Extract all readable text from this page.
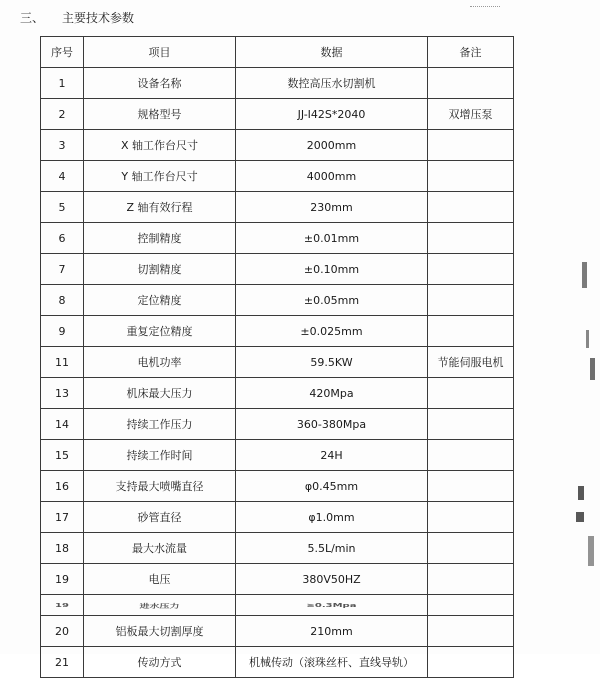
三、 主要技术参数
序号	项目	数据	备注
1	设备名称	数控高压水切割机	
2	规格型号	JJ-I42S*2040	双增压泵
3	X 轴工作台尺寸	2000mm	
4	Y 轴工作台尺寸	4000mm	
5	Z 轴有效行程	230mm	
6	控制精度	±0.01mm	
7	切割精度	±0.10mm	
8	定位精度	±0.05mm	
9	重复定位精度	±0.025mm	
11	电机功率	59.5KW	节能伺服电机
13	机床最大压力	420Mpa	
14	持续工作压力	360-380Mpa	
15	持续工作时间	24H	
16	支持最大喷嘴直径	φ0.45mm	
17	砂管直径	φ1.0mm	
18	最大水流量	5.5L/min	
19	电压	380V50HZ	
19	进水压力	≥0.3Mpa	
20	铝板最大切割厚度	210mm	
21	传动方式	机械传动（滚珠丝杆、直线导轨）	
